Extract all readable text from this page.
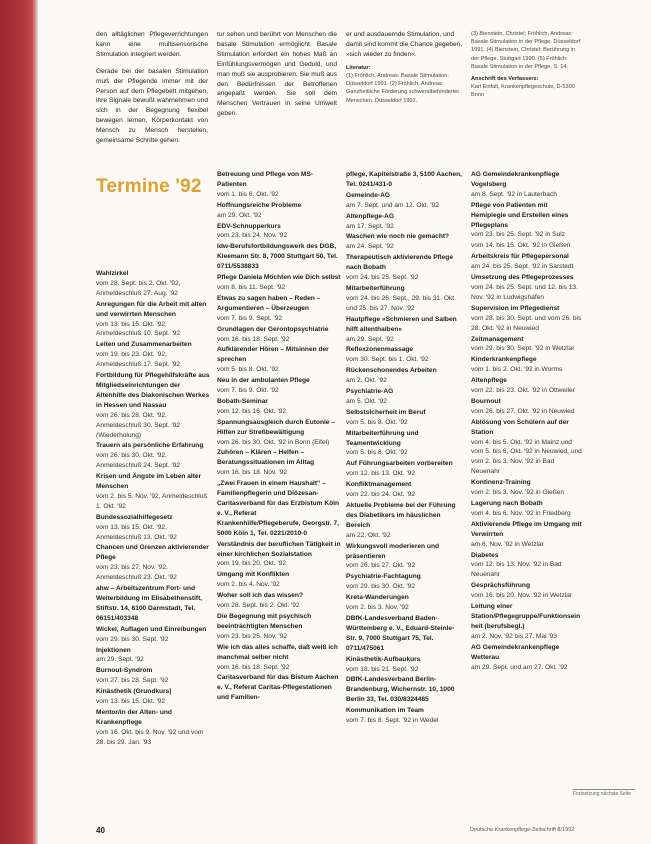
den alltäglichen Pflegeverrichtungen kann eine multisensorische Stimulation integriert werden.

Gerade bei der basalen Stimulation muß der Pflegende immer mit der Person auf dem Pflegebett mitgehen, ihre Signale bewußt wahrnehmen und sich in der Begegnung flexibel bewegen lernen, Körperkontakt von Mensch zu Mensch herstellen, gemeinsame Schritte gehen.

tur sehen und berührt von Menschen die basale Stimulation ermöglicht. Basale Stimulation erfordert ein hohes Maß an Einfühlungsvermögen und Geduld, und man muß sie ausprobieren. Sie muß aus den Bedürfnissen der Betroffenen angepaßt werden. Sie soll dem Menschen Vertrauen in seine Umwelt geben.

er und ausdauernde Stimulation, und damit sind kommt die Chance gegeben, »sich wieder zu finden«.

Literatur:

(1) Fröhlich, Andreas: Basale Stimulation. Düsseldorf 1991. (2) Fröhlich, Andreas: Ganzheitliche Förderung schwerstbehinderter Menschen. Düsseldorf 1992.

(3) Bienstein, Christel; Fröhlich, Andreas: Basale Stimulation in der Pflege. Düsseldorf 1991. (4) Bienstein, Christel: Berührung in der Pflege. Stuttgart 1990. (5) Fröhlich: Basale Stimulation in der Pflege, S. 14.

Anschrift des Verfassers:

Karl Einfalt, Krankenpflegeschule, D-5300 Bonn

Termine '92
Wahlzirkel
vom 28. Sept. bis 2. Okt. '92, Anmeldeschluß 27. Aug. '92
Anregungen für die Arbeit mit alten und verwirrten Menschen
vom 13. bis 15. Okt. '92, Anmeldeschluß 10. Sept. '92
Leiten und Zusammenarbeiten
vom 19. bis 23. Okt. '92, Anmeldeschluß 17. Sept. '92
Fortbildung für Pflegehilfskräfte aus Mitgliedseinrichtungen der Altenhilfe des Diakonischen Werkes in Hessen und Nassau
vom 26. bis 28. Okt. '92, Anmeldeschluß 30. Sept. '92 (Wiederholung)
Trauern als persönliche Erfahrung
vom 26. bis 30. Okt. '92, Anmeldeschluß 24. Sept. '92
Krisen und Ängste im Leben alter Menschen
vom 2. bis 5. Nov. '92, Anmeldeschluß 1. Okt. '92
Bundessozialhilfegesetz
vom 13. bis 15. Okt. '92, Anmeldeschluß 13. Okt. '92
Chancen und Grenzen aktivierender Pflege
vom 23. bis 27. Nov. '92, Anmeldeschluß 23. Okt. '92
ahw – Arbeitszentrum Fort- und Weiterbildung im Elisabethenstift, Stiftstr. 14, 6100 Darmstadt, Tel. 06151/403348
Wickel, Auflagen und Einreibungen
vom 29. bis 30. Sept. '92
Injektionen
am 29. Sept. '92
Burnout-Syndrom
vom 27. bis 28. Sept. '92
Kinästhetik (Grundkurs)
vom 13. bis 15. Okt. '92
Mentor/in der Alten- und Krankenpflege
vom 16. Okt. bis 9. Nov. '92 und vom 28. bis 29. Jan. '93
Betreuung und Pflege von MS-Patienten
vom 1. bis 6. Okt. '92
Hoffnungsreiche Probleme
am 29. Okt. '92
EDV-Schnupperkurs
vom 23. bis 24. Nov. '92
Idw-Berufsfortbildungswerk des DGB, Kleemann Str. 8, 7000 Stuttgart 50, Tel. 0711/5538833
Pflege Daniela Möchten wie Dich selbst
vom 8. bis 11. Sept. '92
Etwas zu sagen haben – Reden – Argumentieren – Überzeugen
vom 7. bis 9. Sept. '92
Grundlagen der Gerontopsychiatrie
vom 16. bis 18. Sept. '92
Aufklärender Hören – Mitsinnen der sprechen
vom 5. bis 8. Okt. '92
Neu in der ambulanten Pflege
vom 7. bis 9. Okt. '92
Bobath-Seminar
vom 12. bis 16. Okt. '92
Spannungsausgleich durch Eutonie – Hilfen zur Streßbewältigung
vom 26. bis 30. Okt. '92 in Bonn (Eifel)
Zuhören – Klären – Helfen – Beratungssituationen im Alltag
vom 16. bis 18. Nov. '92
„Zwei Frauen in einem Haushalt“ – Familienpflegerin und Diözesan-Caritasverband für das Erzbistum Köln e. V., Referat Krankenhilfe/Pflegeberufe, Georgstr. 7, 5000 Köln 1, Tel. 0221/2010-0
Verständnis der beruflichen Tätigkeit in einer kirchlichen Sozialstation
vom 19. bis 20. Okt. '92
Umgang mit Konflikten
vom 2. bis 4. Nov. '92
Woher soll ich das wissen?
vom 28. Sept. bis 2. Okt. '92
Die Begegnung mit psychisch beeinträchtigten Menschen
vom 23. bis 25. Nov. '92
Wie ich das alles schaffe, daß weiß ich manchmal selber nicht
vom 16. bis 18. Sept. '92
Caritasverband für das Bistum Aachen e. V., Referat Caritas-Pflegestationen und Familien-
pflege, Kapitelstraße 3, 5100 Aachen, Tel. 0241/431-0
Gemeinde-AG
am 7. Sept. und am 12. Okt. '92
Altenpflege-AG
am 17. Sept. '92
Waschen wie noch nie gemacht?
am 24. Sept. '92
Therapeutisch aktivierende Pflege nach Bobath
vom 24. bis 25. Sept. '92
Mitarbeiterführung
vom 24. bis 26. Sept., 29. bis 31. Okt. und 25. bis 27. Nov. '92
Hautpflege »Schmieren und Salben hilft allenthalben«
am 29. Sept. '92
Reflexzonenmassage
vom 30. Sept. bis 1. Okt. '92
Rückenschonendes Arbeiten
am 2. Okt. '92
Psychiatrie-AG
am 5. Okt. '92
Selbstsicherheit im Beruf
vom 5. bis 8. Okt. '92
Mitarbeiterführung und Teamentwicklung
vom 5. bis 8. Okt. '92
Auf Führungsarbeiten vorbereiten
vom 12. bis 13. Okt. '92
Konfliktmanagement
vom 22. bis 24. Okt. '92
Aktuelle Probleme bei der Führung des Diabetikers im häuslichen Bereich
am 22. Okt. '92
Wirkungsvoll moderieren und präsentieren
vom 26. bis 27. Okt. '92
Psychiatrie-Fachtagung
vom 29. bis 30. Okt. '92
Kreta-Wanderungen
vom 2. bis 3. Nov. '92
DBfK-Landesverband Baden-Württemberg e. V., Eduard-Steinle-Str. 9, 7000 Stuttgart 75, Tel. 0711/475061
Kinästhetik-Aufbaukurs
vom 18. bis 21. Sept. '92
DBfK-Landesverband Berlin-Brandenburg, Wichernstr. 10, 1000 Berlin 33, Tel. 030/8324485
Kommunikation im Team
vom 7. bis 8. Sept. '92 in Wedel
AG Gemeindekrankenpflege Vogelsberg
am 8. Sept. '92 in Lauterbach
Pflege von Patienten mit Hemiplegie und Erstellen eines Pflegeplans
vom 23. bis 25. Sept. '92 in Sulz
vom 14. bis 15. Okt. '92 in Gießen
Arbeitskreis für Pflegepersonal
am 24. bis 25. Sept. '92 in Sarstedt
Umsetzung des Pflegeprozesses
vom 24. bis 25. Sept. und 12. bis 13. Nov. '92 in Ludwigshafen
Supervision im Pflegedienst
vom 28. bis 30. Sept. und vom 26. bis 28. Okt. '92 in Neuwied
Zeitmanagement
vom 29. bis 30. Sept. '92 in Wetzlar
Kinderkrankenpflege
vom 1. bis 2. Okt. '92 in Worms
Altenpflege
vom 22. bis 23. Okt. '92 in Ottweiler
Bournout
vom 26. bis 27. Okt. '92 in Neuwied
Ablösung von Schülern auf der Station
vom 4. bis 5. Okt. '92 in Mainz und vom 5. bis 6. Okt. '92 in Neuwied, und vom 2. bis 3. Nov. '92 in Bad Neuenahr
Kontinenz-Training
vom 2. bis 3. Nov. '92 in Gießen
Lagerung nach Bobath
vom 4. bis 6. Nov. '92 in Friedberg
Aktivierende Pflege im Umgang mit Verwirrten
am 6. Nov. '92 in Wetzlar
Diabetes
vom 12. bis 13. Nov. '92 in Bad Neuenahr
Gesprächsführung
vom 16. bis 20. Nov. '92 in Wetzlar
Leitung einer Station/Pflegegruppe/Funktionseinheit (berufsbegl.)
am 2. Nov. '92 bis 27. Mai '93
AG Gemeindekrankenpflege Wetterau
am 29. Sept. und am 27. Okt. '92
Fortsetzung nächste Seite
40	Deutsche Krankenpflege-Zeitschrift 8/1992
